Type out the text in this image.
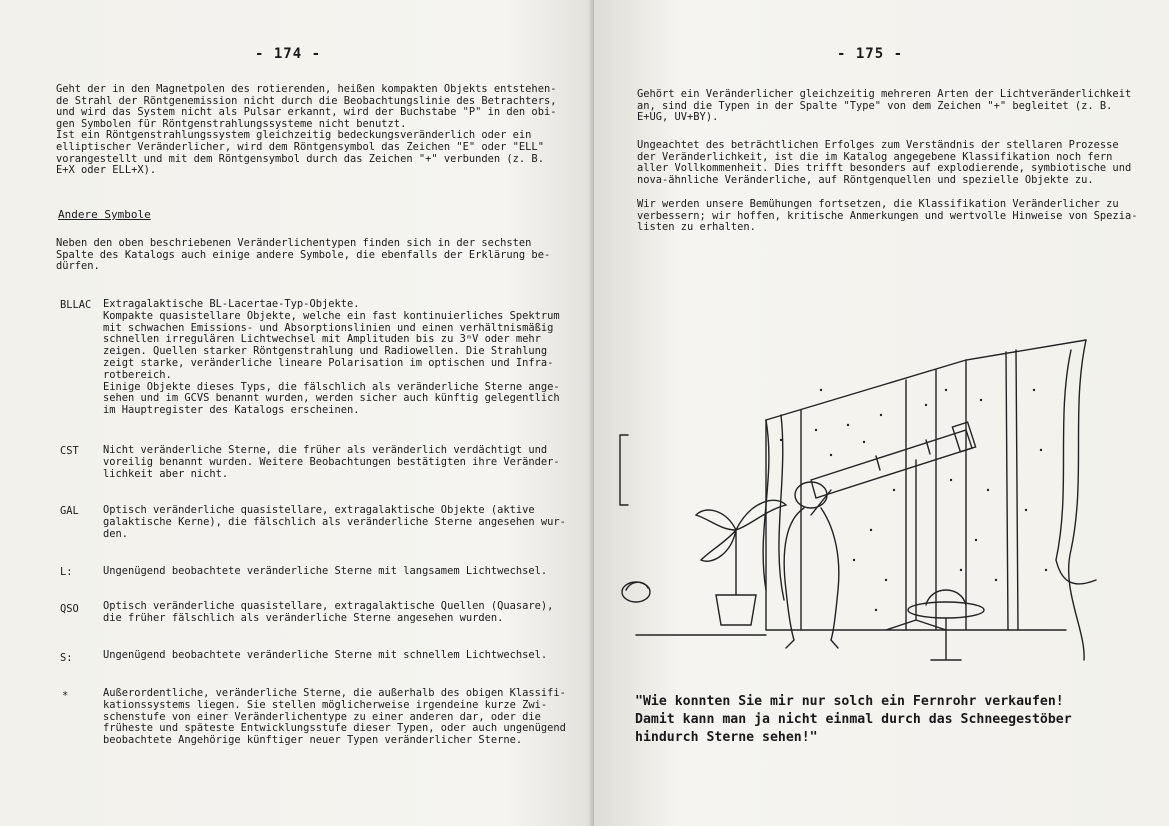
- 174 -
Geht der in den Magnetpolen des rotierenden, heißen kompakten Objekts entstehen-
de Strahl der Röntgenemission nicht durch die Beobachtungslinie des Betrachters,
und wird das System nicht als Pulsar erkannt, wird der Buchstabe "P" in den obi-
gen Symbolen für Röntgenstrahlungssysteme nicht benutzt.
Ist ein Röntgenstrahlungssystem gleichzeitig bedeckungsveränderlich oder ein
elliptischer Veränderlicher, wird dem Röntgensymbol das Zeichen "E" oder "ELL"
vorangestellt und mit dem Röntgensymbol durch das Zeichen "+" verbunden (z. B.
E+X oder ELL+X).
Andere Symbole
Neben den oben beschriebenen Veränderlichentypen finden sich in der sechsten
Spalte des Katalogs auch einige andere Symbole, die ebenfalls der Erklärung be-
dürfen.
BLLAC Extragalaktische BL-Lacertae-Typ-Objekte.
Kompakte quasistellare Objekte, welche ein fast kontinuierliches Spektrum
mit schwachen Emissions- und Absorptionslinien und einen verhältnismäßig
schnellen irregulären Lichtwechsel mit Amplituden bis zu 3ᵐV oder mehr
zeigen. Quellen starker Röntgenstrahlung und Radiowellen. Die Strahlung
zeigt starke, veränderliche lineare Polarisation im optischen und Infra-
rotbereich.
Einige Objekte dieses Typs, die fälschlich als veränderliche Sterne ange-
sehen und im GCVS benannt wurden, werden sicher auch künftig gelegentlich
im Hauptregister des Katalogs erscheinen.
CST Nicht veränderliche Sterne, die früher als veränderlich verdächtigt und
voreilig benannt wurden. Weitere Beobachtungen bestätigten ihre Veränder-
lichkeit aber nicht.
GAL Optisch veränderliche quasistellare, extragalaktische Objekte (aktive
galaktische Kerne), die fälschlich als veränderliche Sterne angesehen wur-
den.
L:	Ungenügend beobachtete veränderliche Sterne mit langsamem Lichtwechsel.
QSO Optisch veränderliche quasistellare, extragalaktische Quellen (Quasare),
die früher fälschlich als veränderliche Sterne angesehen wurden.
S:	Ungenügend beobachtete veränderliche Sterne mit schnellem Lichtwechsel.
*	Außerordentliche, veränderliche Sterne, die außerhalb des obigen Klassifi-
kationssystems liegen. Sie stellen möglicherweise irgendeine kurze Zwi-
schenstufe von einer Veränderlichentype zu einer anderen dar, oder die
früheste und späteste Entwicklungsstufe dieser Typen, oder auch ungenügend
beobachtete Angehörige künftiger neuer Typen veränderlicher Sterne.
- 175 -
Gehört ein Veränderlicher gleichzeitig mehreren Arten der Lichtveränderlichkeit
an, sind die Typen in der Spalte "Type" von dem Zeichen "+" begleitet (z. B.
E+UG, UV+BY).
Ungeachtet des beträchtlichen Erfolges zum Verständnis der stellaren Prozesse
der Veränderlichkeit, ist die im Katalog angegebene Klassifikation noch fern
aller Vollkommenheit. Dies trifft besonders auf explodierende, symbiotische und
nova-ähnliche Veränderliche, auf Röntgenquellen und spezielle Objekte zu.
Wir werden unsere Bemühungen fortsetzen, die Klassifikation Veränderlicher zu
verbessern; wir hoffen, kritische Anmerkungen und wertvolle Hinweise von Spezia-
listen zu erhalten.
"Wie konnten Sie mir nur solch ein Fernrohr verkaufen!
Damit kann man ja nicht einmal durch das Schneegestöber
hindurch Sterne sehen!"
